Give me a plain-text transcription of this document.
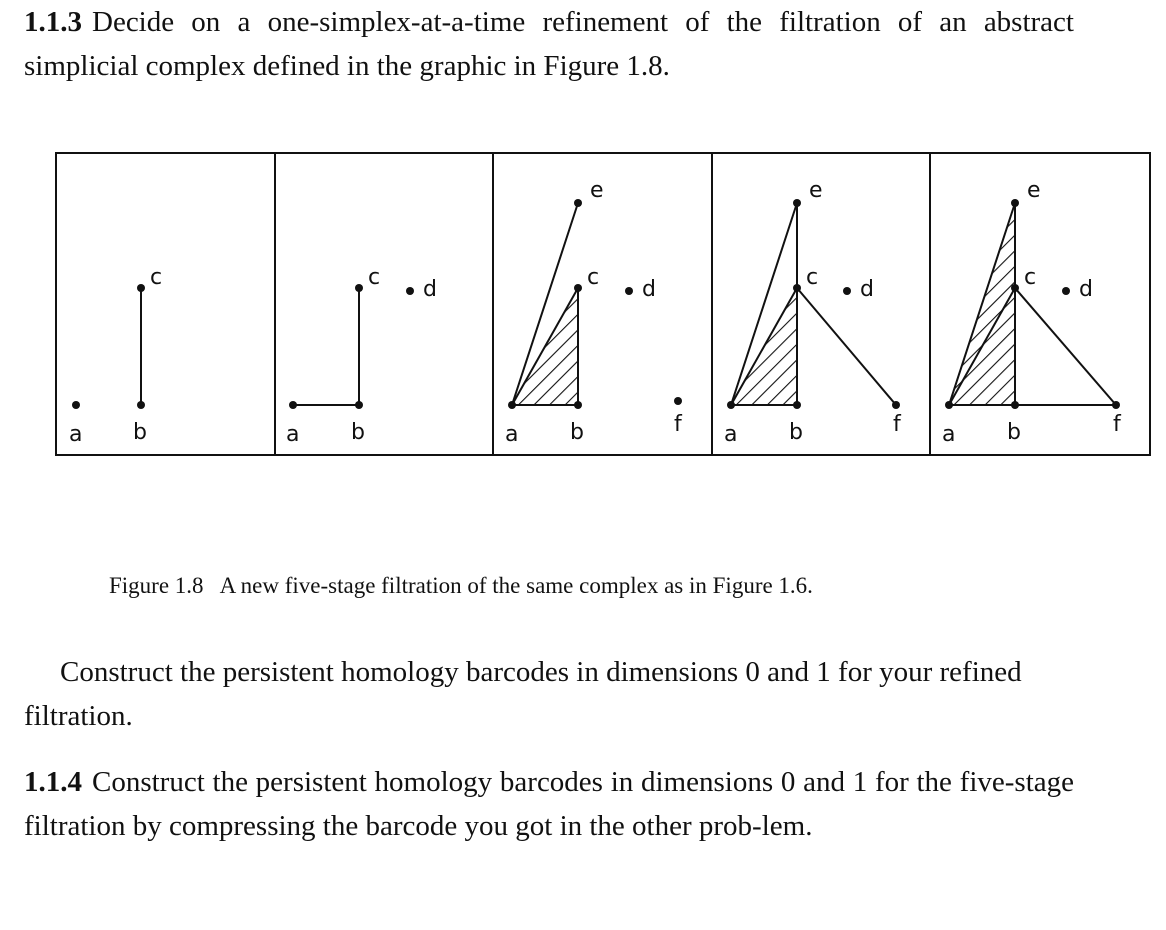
1.1.3 Decide on a one-simplex-at-a-time refinement of the filtration of an abstract simplicial complex defined in the graphic in Figure 1.8.

a b
c
a b
c d
a b
c d
e
f a b
c d
e
f a b
c d
e
f

Figure 1.8 A new five-stage filtration of the same complex as in Figure 1.6.

Construct the persistent homology barcodes in dimensions 0 and 1 for your refined filtration.

1.1.4 Construct the persistent homology barcodes in dimensions 0 and 1 for the five-stage filtration by compressing the barcode you got in the other prob-lem.
